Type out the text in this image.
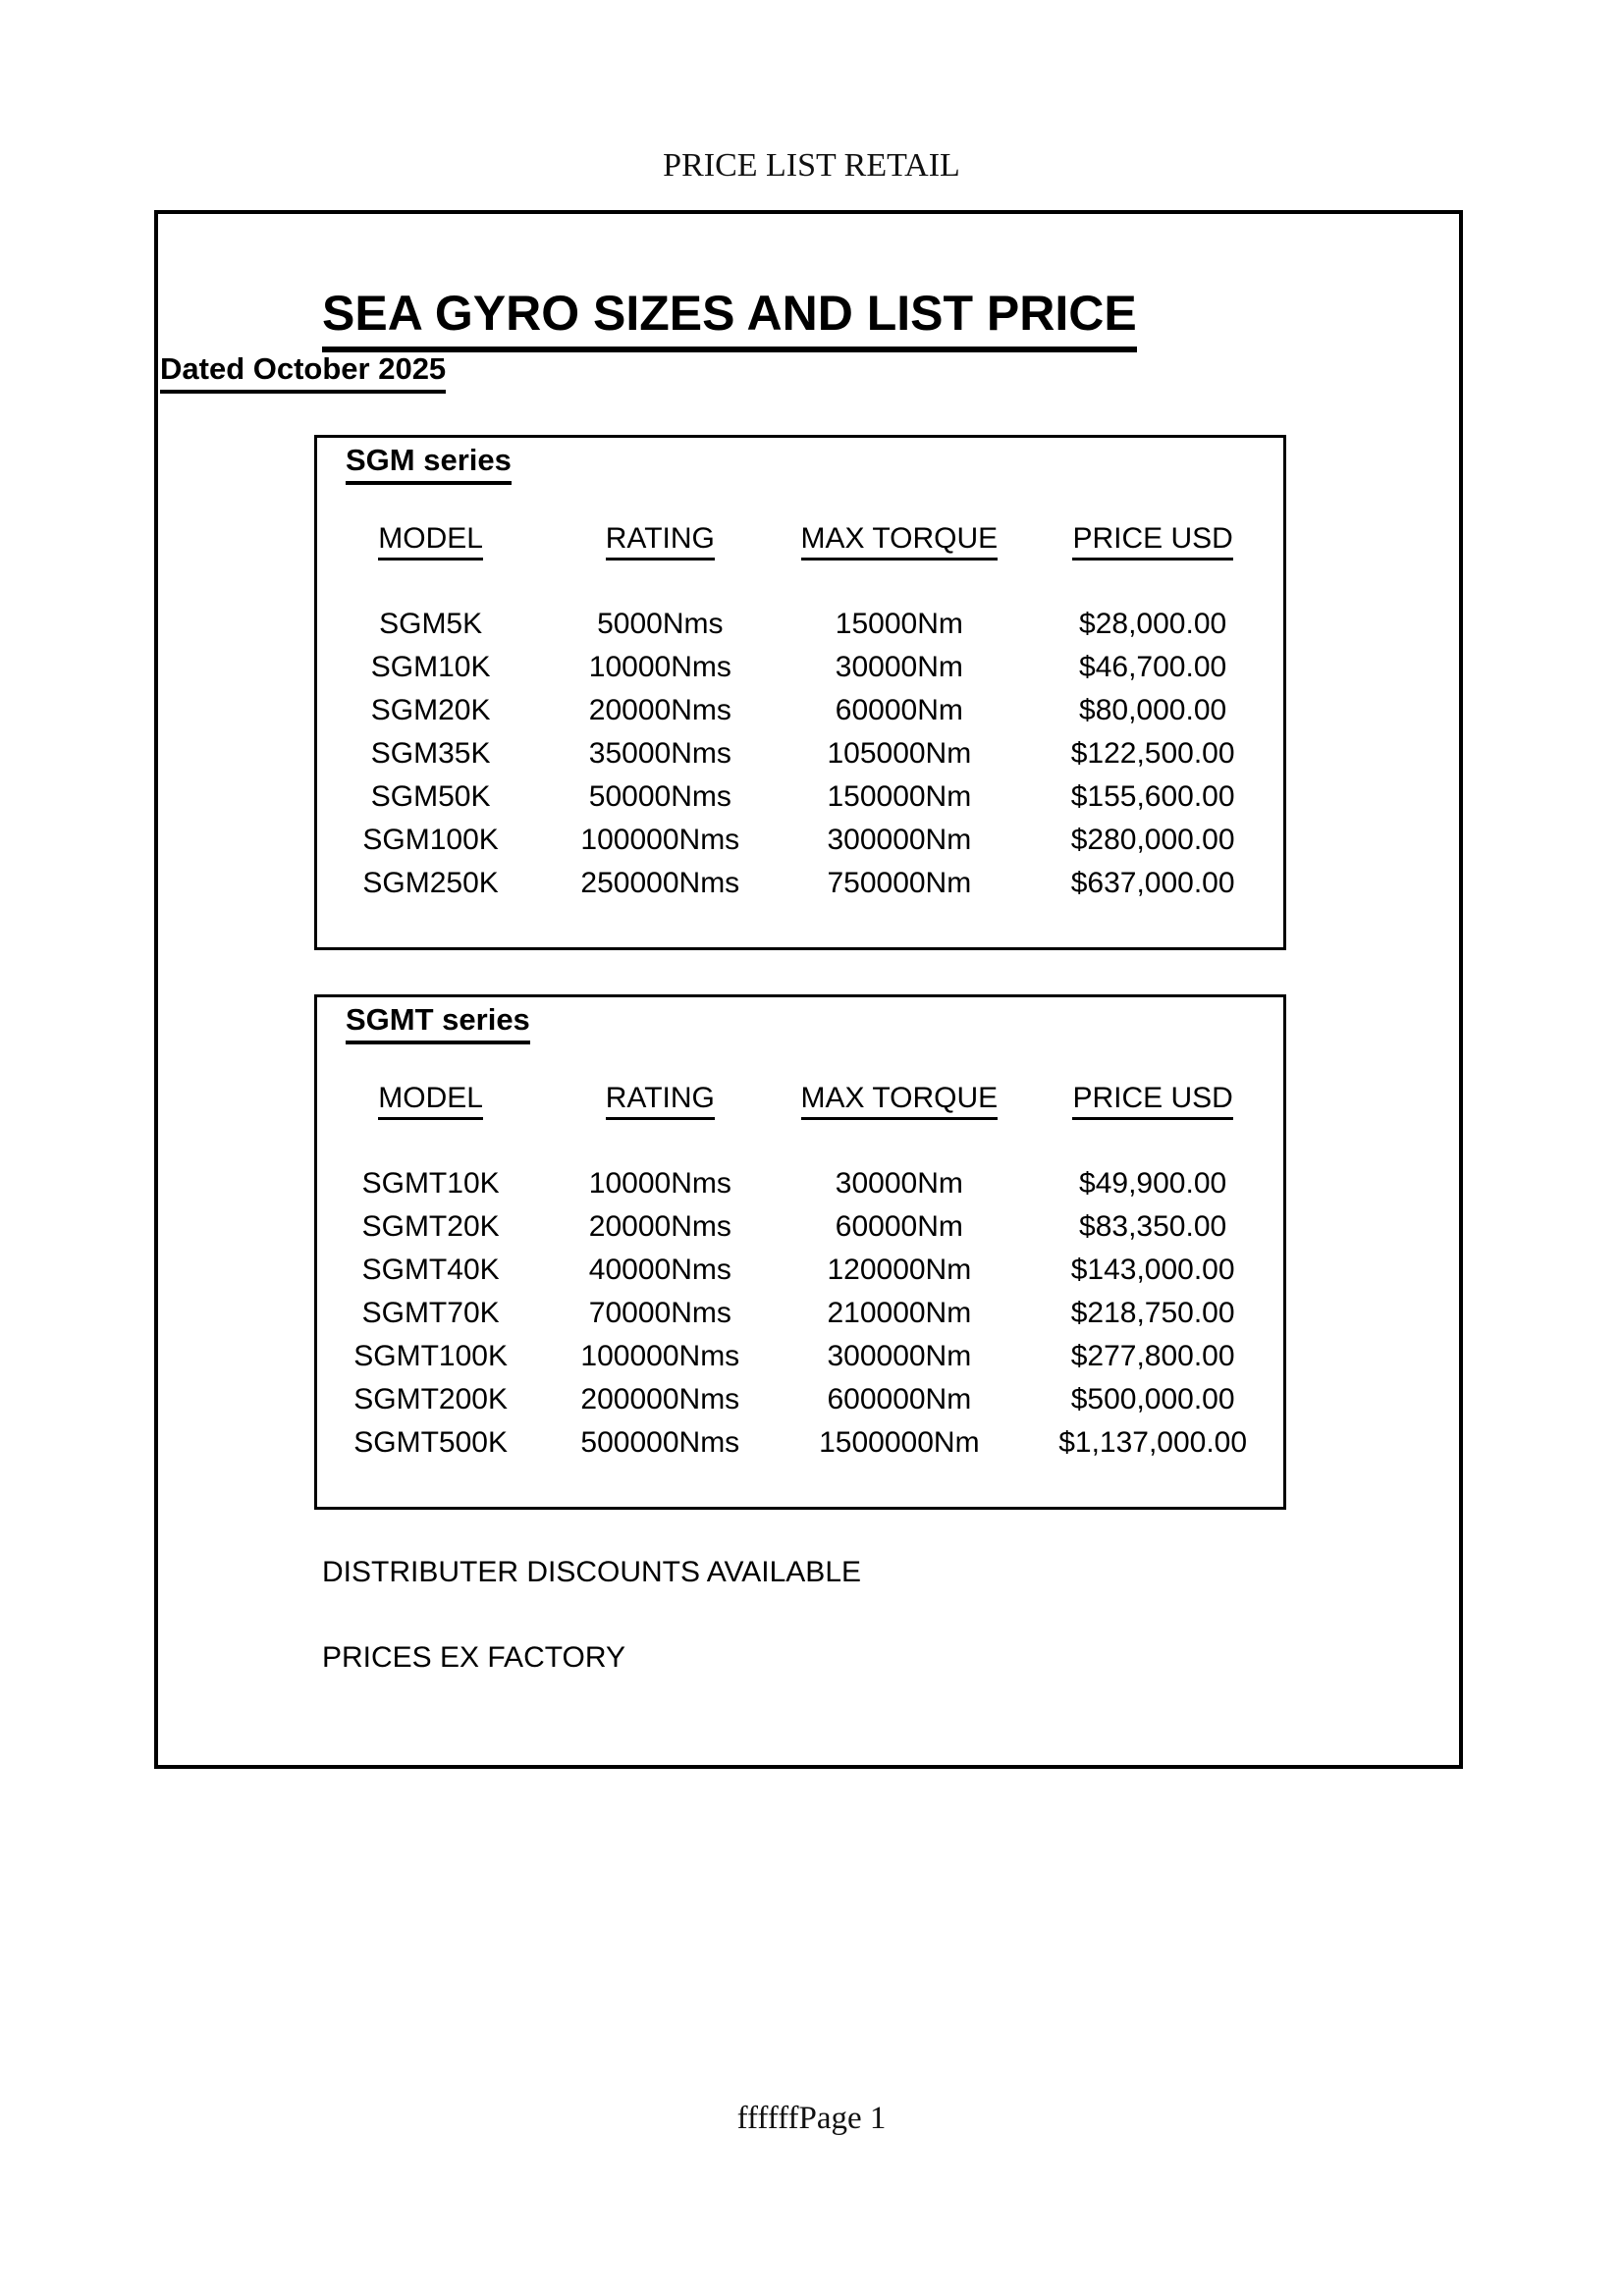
PRICE LIST RETAIL
SEA GYRO SIZES AND LIST PRICE
Dated October 2025
SGM series
MODEL	RATING	MAX TORQUE	PRICE USD
SGM5K	5000Nms	15000Nm	$28,000.00
SGM10K	10000Nms	30000Nm	$46,700.00
SGM20K	20000Nms	60000Nm	$80,000.00
SGM35K	35000Nms	105000Nm	$122,500.00
SGM50K	50000Nms	150000Nm	$155,600.00
SGM100K	100000Nms	300000Nm	$280,000.00
SGM250K	250000Nms	750000Nm	$637,000.00
SGMT series
MODEL	RATING	MAX TORQUE	PRICE USD
SGMT10K	10000Nms	30000Nm	$49,900.00
SGMT20K	20000Nms	60000Nm	$83,350.00
SGMT40K	40000Nms	120000Nm	$143,000.00
SGMT70K	70000Nms	210000Nm	$218,750.00
SGMT100K	100000Nms	300000Nm	$277,800.00
SGMT200K	200000Nms	600000Nm	$500,000.00
SGMT500K	500000Nms	1500000Nm	$1,137,000.00
DISTRIBUTER DISCOUNTS AVAILABLE
PRICES EX FACTORY
ffffffPage 1
